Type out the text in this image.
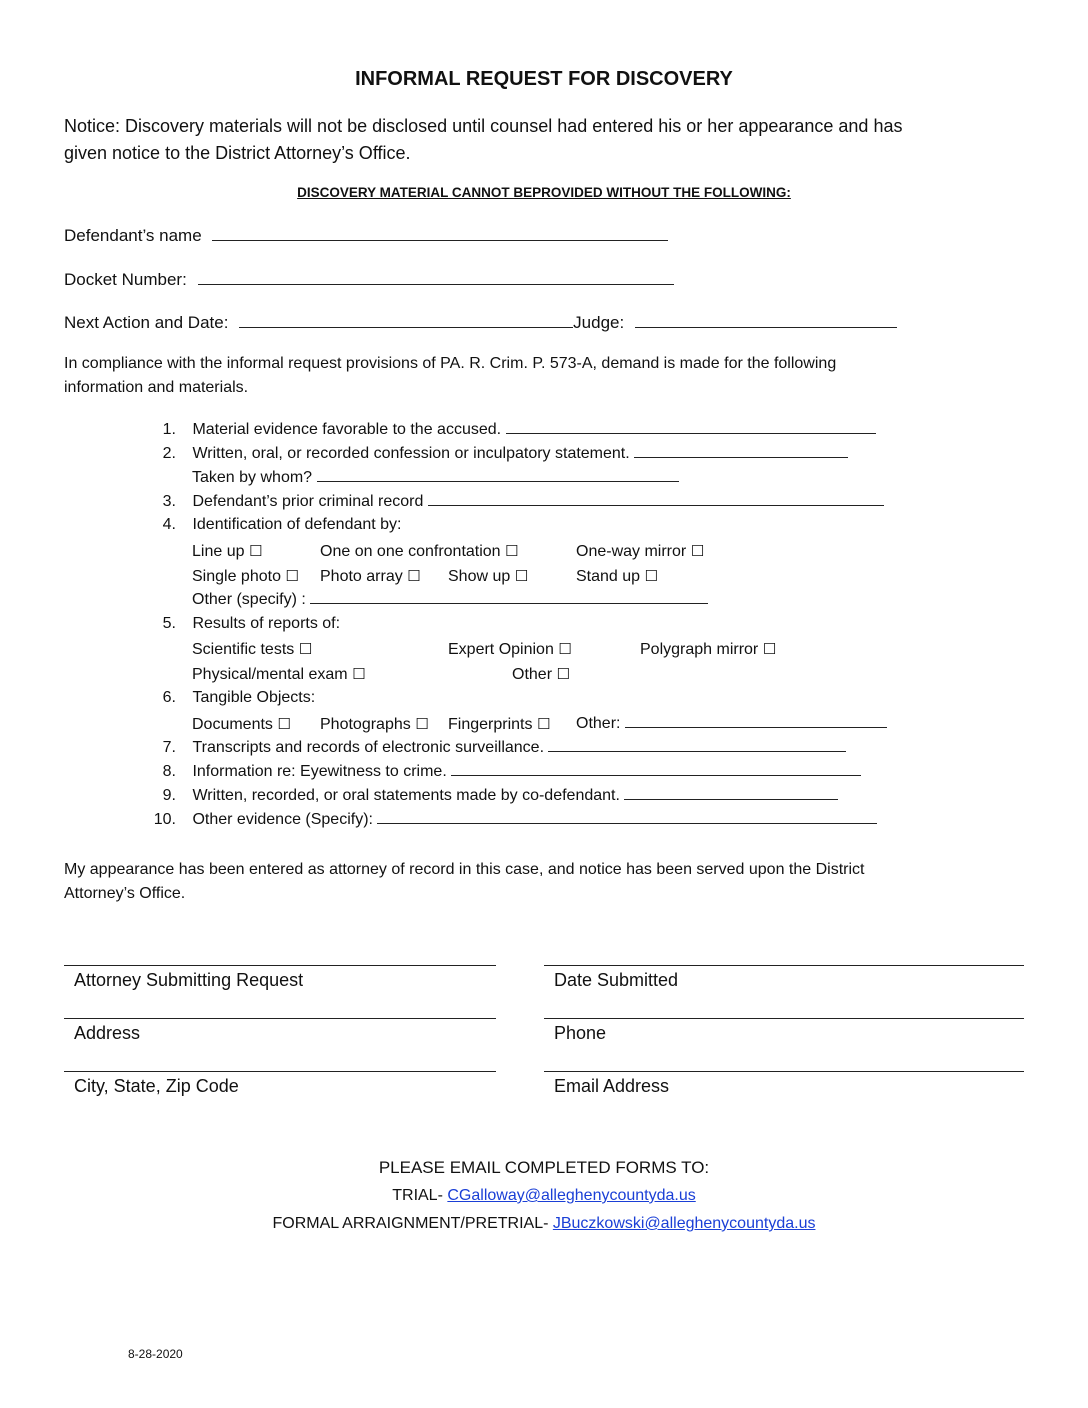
INFORMAL REQUEST FOR DISCOVERY
Notice: Discovery materials will not be disclosed until counsel had entered his or her appearance and has
given notice to the District Attorney’s Office.
DISCOVERY MATERIAL CANNOT BEPROVIDED WITHOUT THE FOLLOWING:
Defendant’s name
Docket Number:
Next Action and Date:	Judge:
In compliance with the informal request provisions of PA. R. Crim. P. 573-A, demand is made for the following
information and materials.
1. Material evidence favorable to the accused.
2. Written, oral, or recorded confession or inculpatory statement.
Taken by whom?
3. Defendant’s prior criminal record
4. Identification of defendant by:
Line up ☐	One on one confrontation ☐	One-way mirror ☐
Single photo ☐ Photo array ☐ Show up ☐	Stand up ☐
Other (specify) :
5. Results of reports of:
Scientific tests ☐	Expert Opinion ☐	Polygraph mirror ☐
Physical/mental exam ☐	Other ☐
6. Tangible Objects:
Documents ☐ Photographs ☐ Fingerprints ☐ Other:
7. Transcripts and records of electronic surveillance.
8. Information re: Eyewitness to crime.
9. Written, recorded, or oral statements made by co-defendant.
10. Other evidence (Specify):
My appearance has been entered as attorney of record in this case, and notice has been served upon the District
Attorney’s Office.
Attorney Submitting Request	Date Submitted
Address	Phone
City, State, Zip Code	Email Address
PLEASE EMAIL COMPLETED FORMS TO:
TRIAL- CGalloway@alleghenycountyda.us
FORMAL ARRAIGNMENT/PRETRIAL- JBuczkowski@alleghenycountyda.us
8-28-2020
